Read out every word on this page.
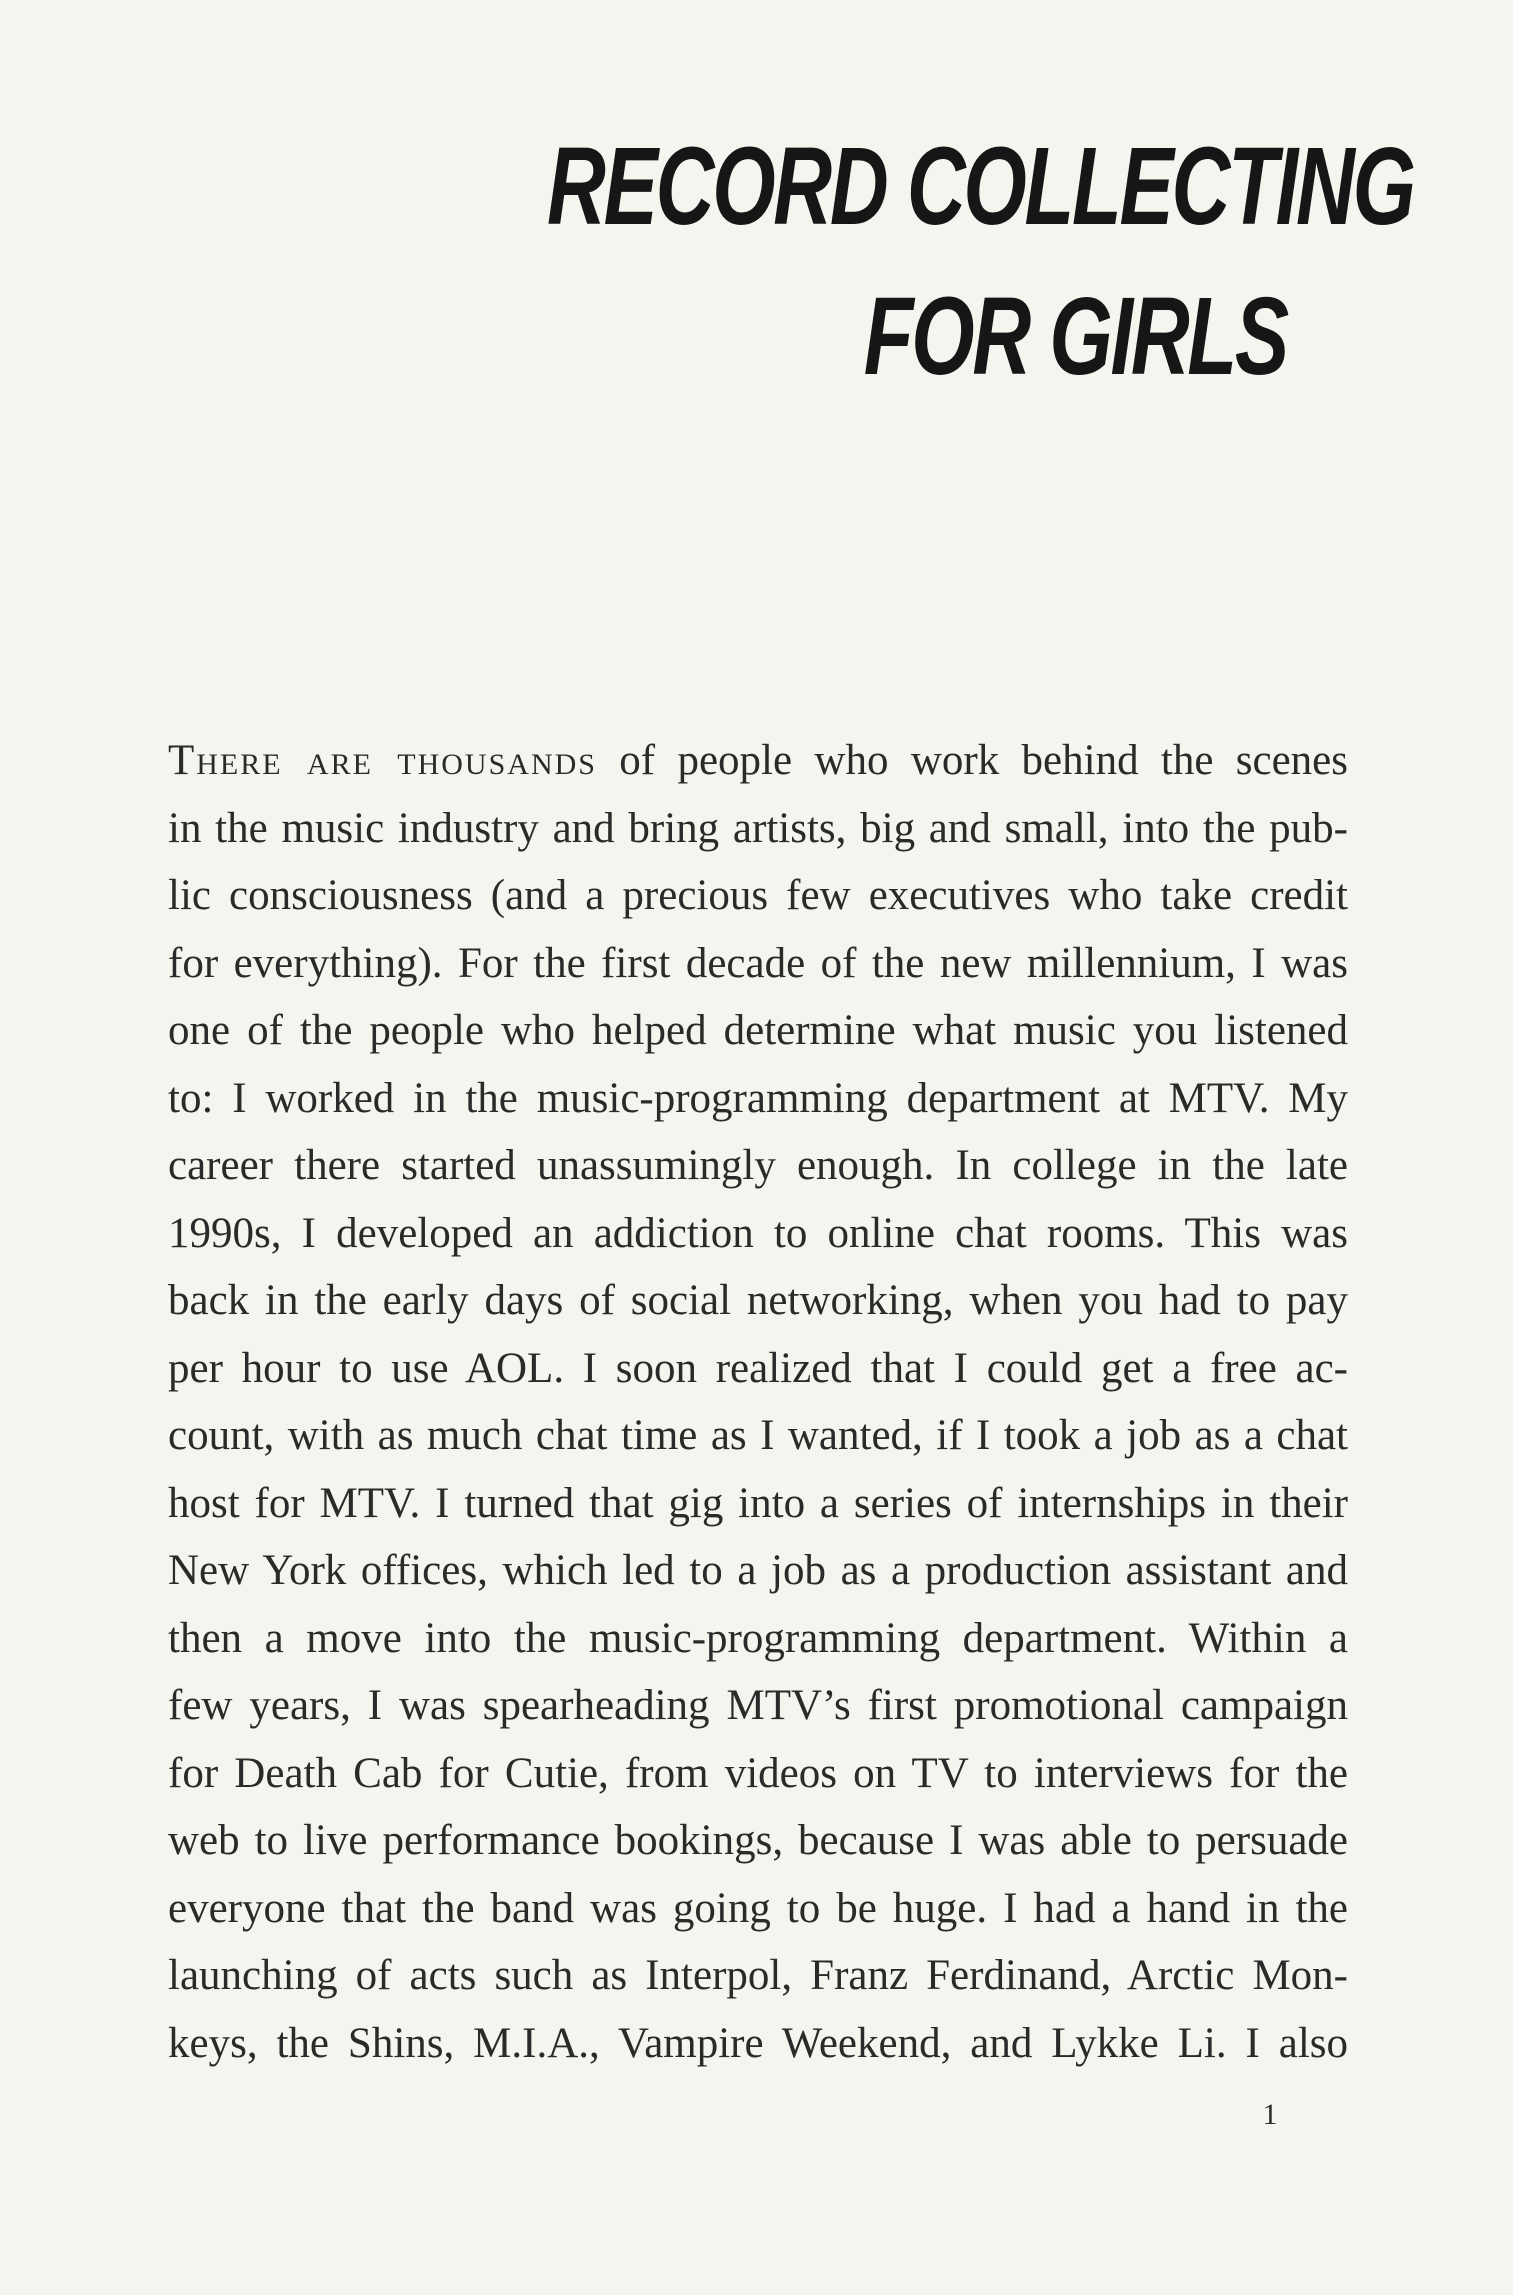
RECORD COLLECTING
FOR GIRLS
There are thousands of people who work behind the scenes
in the music industry and bring artists, big and small, into the pub-
lic consciousness (and a precious few executives who take credit
for everything). For the first decade of the new millennium, I was
one of the people who helped determine what music you listened
to: I worked in the music-programming department at MTV. My
career there started unassumingly enough. In college in the late
1990s, I developed an addiction to online chat rooms. This was
back in the early days of social networking, when you had to pay
per hour to use AOL. I soon realized that I could get a free ac-
count, with as much chat time as I wanted, if I took a job as a chat
host for MTV. I turned that gig into a series of internships in their
New York offices, which led to a job as a production assistant and
then a move into the music-programming department. Within a
few years, I was spearheading MTV’s first promotional campaign
for Death Cab for Cutie, from videos on TV to interviews for the
web to live performance bookings, because I was able to persuade
everyone that the band was going to be huge. I had a hand in the
launching of acts such as Interpol, Franz Ferdinand, Arctic Mon-
keys, the Shins, M.I.A., Vampire Weekend, and Lykke Li. I also
1
